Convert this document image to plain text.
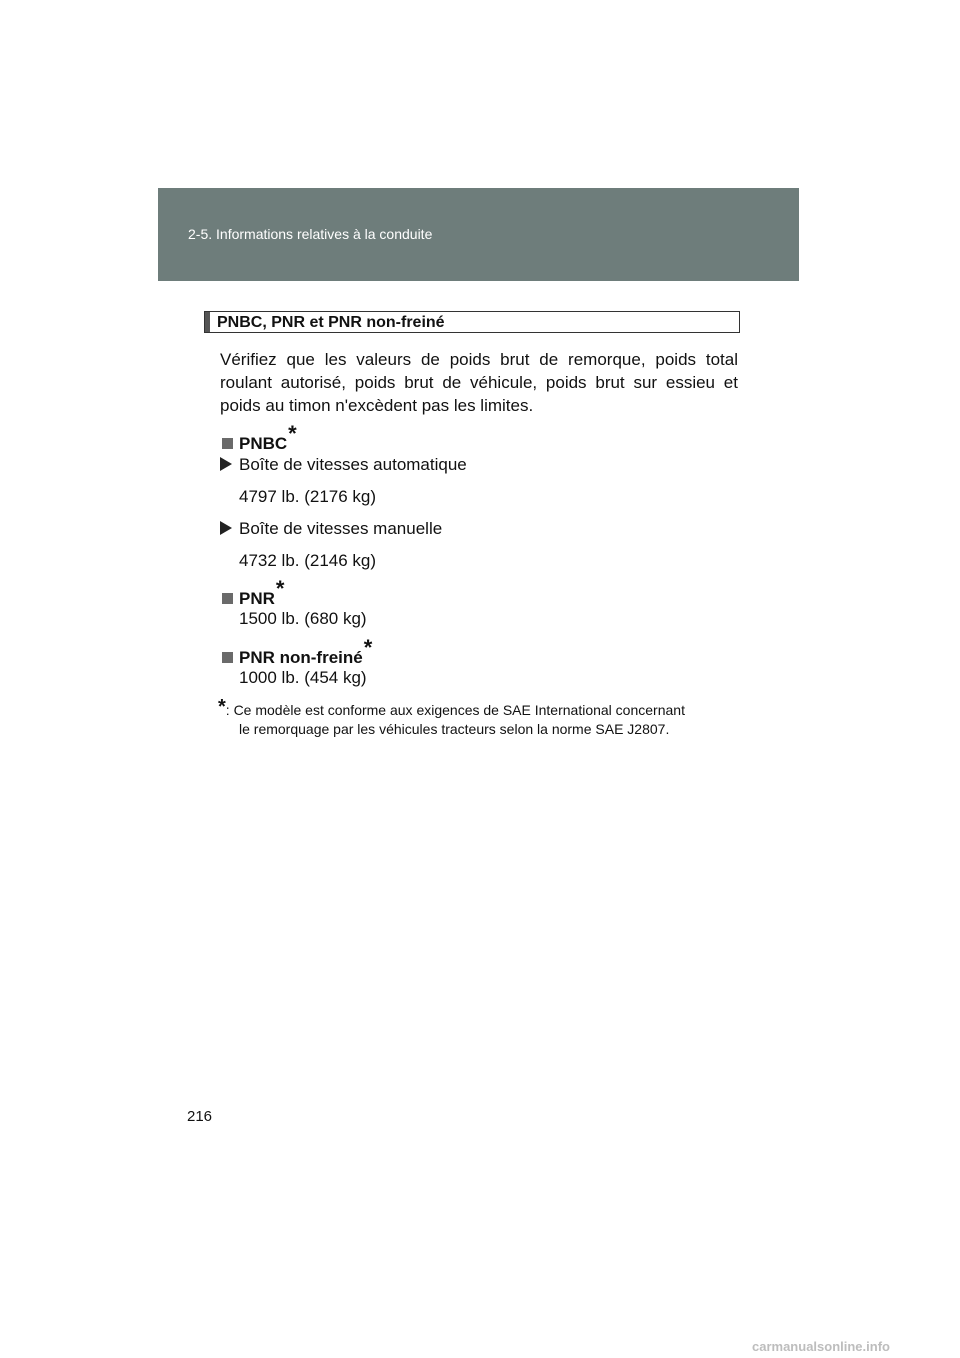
2-5. Informations relatives à la conduite
PNBC, PNR et PNR non-freiné
Vérifiez que les valeurs de poids brut de remorque, poids total roulant autorisé, poids brut de véhicule, poids brut sur essieu et poids au timon n'excèdent pas les limites.
PNBC*
Boîte de vitesses automatique
4797 lb. (2176 kg)
Boîte de vitesses manuelle
4732 lb. (2146 kg)
PNR*
1500 lb. (680 kg)
PNR non-freiné*
1000 lb. (454 kg)
*: Ce modèle est conforme aux exigences de SAE International concernant
le remorquage par les véhicules tracteurs selon la norme SAE J2807.
216
carmanualsonline.info
